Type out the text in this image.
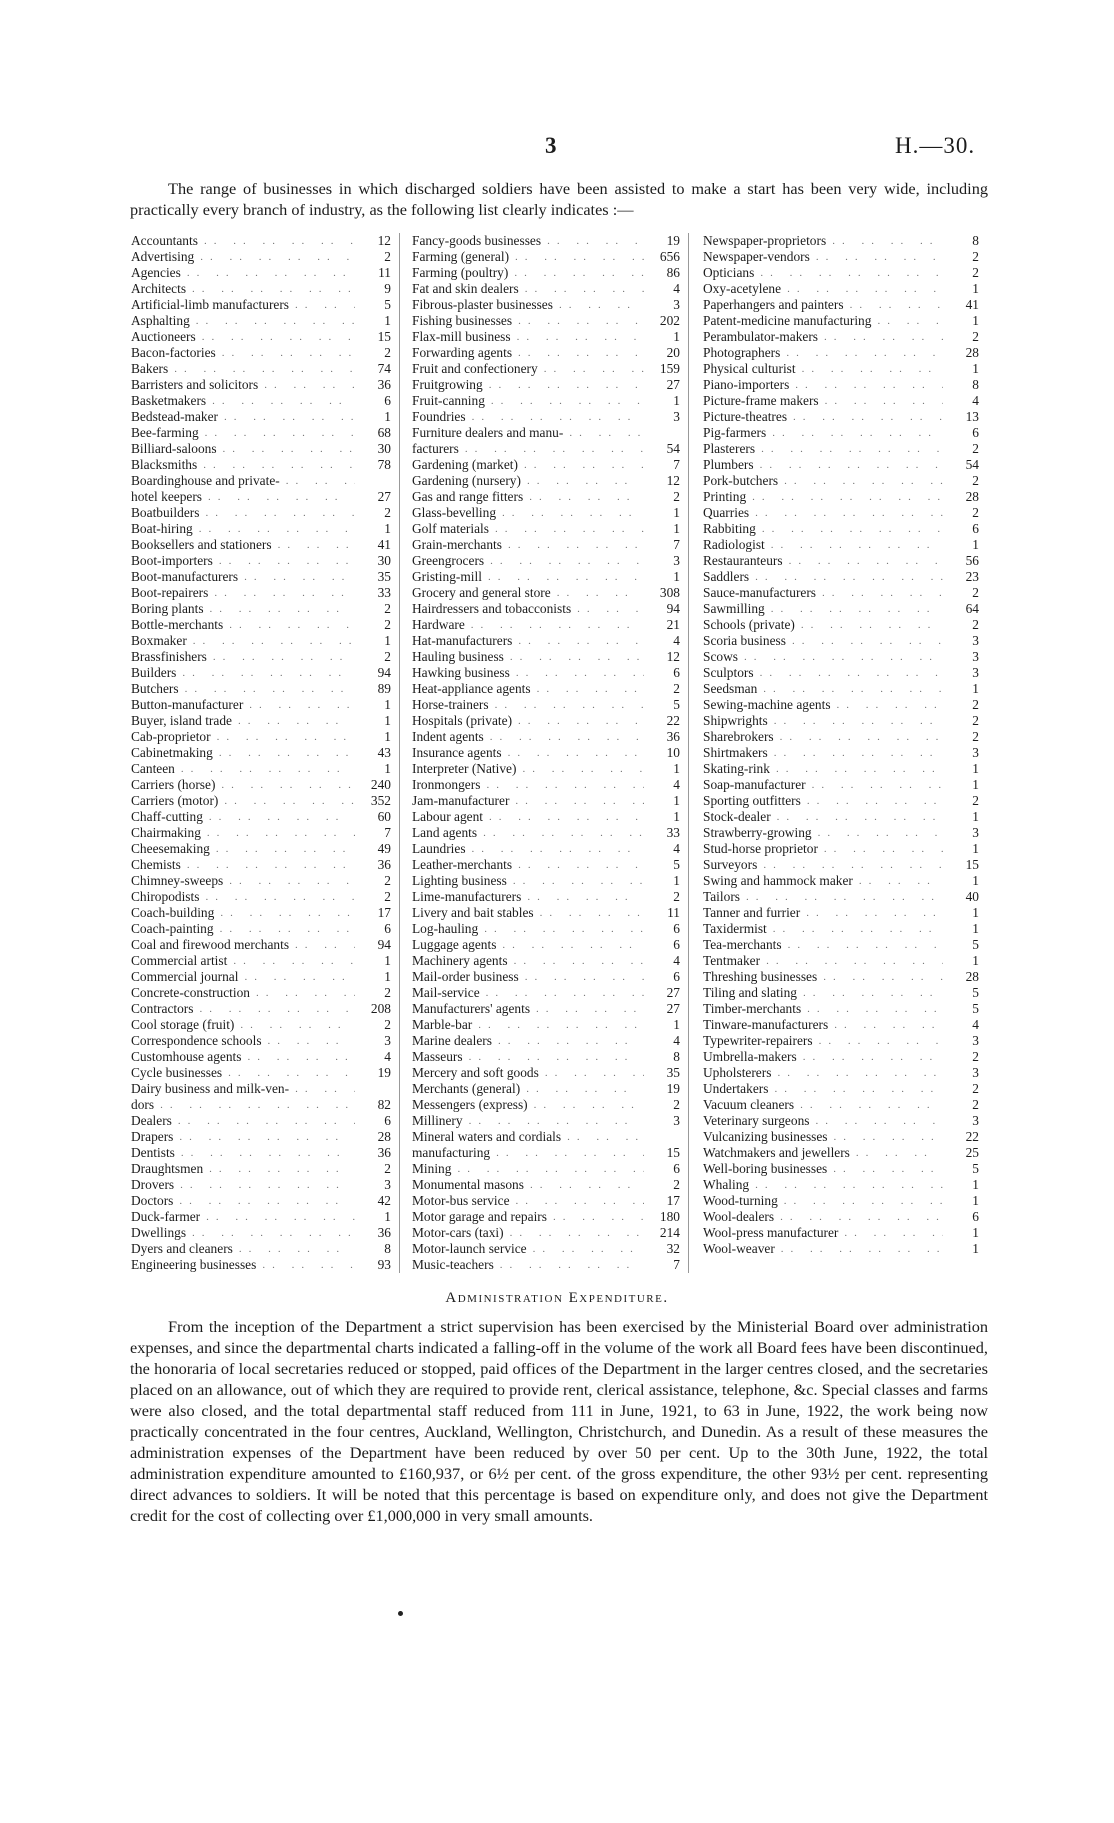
3	H.—30.

The range of businesses in which discharged soldiers have been assisted to make a start has been very wide, including practically every branch of industry, as the following list clearly indicates :—

Accountants .. ..	12
Advertising .. ..	2
Agencies .. ..	11
Architects .. ..	9
Artificial-limb manufacturers .. ..	5
Asphalting .. ..	1
Auctioneers .. ..	15
Bacon-factories .. ..	2
Bakers .. ..	74
Barristers and solicitors .. ..	36
Basketmakers .. ..	6
Bedstead-maker .. ..	1
Bee-farming .. ..	68
Billiard-saloons .. ..	30
Blacksmiths .. ..	78
Boardinghouse and private-
.. ..
hotel keepers .. ..	27
Boatbuilders .. ..	2
Boat-hiring .. ..	1
Booksellers and stationers .. ..	41
Boot-importers .. ..	30
Boot-manufacturers .. ..	35
Boot-repairers .. ..	33
Boring plants .. ..	2
Bottle-merchants .. ..	2
Boxmaker .. ..	1
Brassfinishers .. ..	2
Builders .. ..	94
Butchers .. ..	89
Button-manufacturer .. ..	1
Buyer, island trade .. ..	1
Cab-proprietor .. ..	1
Cabinetmaking .. ..	43
Canteen .. ..	1
Carriers (horse) .. ..	240
Carriers (motor) .. ..	352
Chaff-cutting .. ..	60
Chairmaking .. ..	7
Cheesemaking .. ..	49
Chemists .. ..	36
Chimney-sweeps .. ..	2
Chiropodists .. ..	2
Coach-building .. ..	17
Coach-painting .. ..	6
Coal and firewood merchants .. ..	94
Commercial artist .. ..	1
Commercial journal .. ..	1
Concrete-construction .. ..	2
Contractors .. ..	208
Cool storage (fruit) .. ..	2
Correspondence schools .. ..	3
Customhouse agents .. ..	4
Cycle businesses .. ..	19
Dairy business and milk-ven-
.. ..
dors .. ..	82
Dealers .. ..	6
Drapers .. ..	28
Dentists .. ..	36
Draughtsmen .. ..	2
Drovers .. ..	3
Doctors .. ..	42
Duck-farmer .. ..	1
Dwellings .. ..	36
Dyers and cleaners .. ..	8
Engineering businesses .. ..	93
Fancy-goods businesses .. ..	19
Farming (general) .. ..	656
Farming (poultry) .. ..	86
Fat and skin dealers .. ..	4
Fibrous-plaster businesses .. ..	3
Fishing businesses .. ..	202
Flax-mill business .. ..	1
Forwarding agents .. ..	20
Fruit and confectionery .. ..	159
Fruitgrowing .. ..	27
Fruit-canning .. ..	1
Foundries .. ..	3
Furniture dealers and manu-
.. ..
facturers .. ..	54
Gardening (market) .. ..	7
Gardening (nursery) .. ..	12
Gas and range fitters .. ..	2
Glass-bevelling .. ..	1
Golf materials .. ..	1
Grain-merchants .. ..	7
Greengrocers .. ..	3
Gristing-mill .. ..	1
Grocery and general store .. ..	308
Hairdressers and tobacconists .. ..	94
Hardware .. ..	21
Hat-manufacturers .. ..	4
Hauling business .. ..	12
Hawking business .. ..	6
Heat-appliance agents .. ..	2
Horse-trainers .. ..	5
Hospitals (private) .. ..	22
Indent agents .. ..	36
Insurance agents .. ..	10
Interpreter (Native) .. ..	1
Ironmongers .. ..	4
Jam-manufacturer .. ..	1
Labour agent .. ..	1
Land agents .. ..	33
Laundries .. ..	4
Leather-merchants .. ..	5
Lighting business .. ..	1
Lime-manufacturers .. ..	2
Livery and bait stables .. ..	11
Log-hauling .. ..	6
Luggage agents .. ..	6
Machinery agents .. ..	4
Mail-order business .. ..	6
Mail-service .. ..	27
Manufacturers' agents .. ..	27
Marble-bar .. ..	1
Marine dealers .. ..	4
Masseurs .. ..	8
Mercery and soft goods .. ..	35
Merchants (general) .. ..	19
Messengers (express) .. ..	2
Millinery .. ..	3
Mineral waters and cordials
.. ..
manufacturing .. ..	15
Mining .. ..	6
Monumental masons .. ..	2
Motor-bus service .. ..	17
Motor garage and repairs .. ..	180
Motor-cars (taxi) .. ..	214
Motor-launch service .. ..	32
Music-teachers .. ..	7
Newspaper-proprietors .. ..	8
Newspaper-vendors .. ..	2
Opticians .. ..	2
Oxy-acetylene .. ..	1
Paperhangers and painters .. ..	41
Patent-medicine manufacturing .. ..	1
Perambulator-makers .. ..	2
Photographers .. ..	28
Physical culturist .. ..	1
Piano-importers .. ..	8
Picture-frame makers .. ..	4
Picture-theatres .. ..	13
Pig-farmers .. ..	6
Plasterers .. ..	2
Plumbers .. ..	54
Pork-butchers .. ..	2
Printing .. ..	28
Quarries .. ..	2
Rabbiting .. ..	6
Radiologist .. ..	1
Restauranteurs .. ..	56
Saddlers .. ..	23
Sauce-manufacturers .. ..	2
Sawmilling .. ..	64
Schools (private) .. ..	2
Scoria business .. ..	3
Scows .. ..	3
Sculptors .. ..	3
Seedsman .. ..	1
Sewing-machine agents .. ..	2
Shipwrights .. ..	2
Sharebrokers .. ..	2
Shirtmakers .. ..	3
Skating-rink .. ..	1
Soap-manufacturer .. ..	1
Sporting outfitters .. ..	2
Stock-dealer .. ..	1
Strawberry-growing .. ..	3
Stud-horse proprietor .. ..	1
Surveyors .. ..	15
Swing and hammock maker .. ..	1
Tailors .. ..	40
Tanner and furrier .. ..	1
Taxidermist .. ..	1
Tea-merchants .. ..	5
Tentmaker .. ..	1
Threshing businesses .. ..	28
Tiling and slating .. ..	5
Timber-merchants .. ..	5
Tinware-manufacturers .. ..	4
Typewriter-repairers .. ..	3
Umbrella-makers .. ..	2
Upholsterers .. ..	3
Undertakers .. ..	2
Vacuum cleaners .. ..	2
Veterinary surgeons .. ..	3
Vulcanizing businesses .. ..	22
Watchmakers and jewellers .. ..	25
Well-boring businesses .. ..	5
Whaling .. ..	1
Wood-turning .. ..	1
Wool-dealers .. ..	6
Wool-press manufacturer .. ..	1
Wool-weaver .. ..	1
Administration Expenditure.

From the inception of the Department a strict supervision has been exercised by the Ministerial Board over administration expenses, and since the departmental charts indicated a falling-off in the volume of the work all Board fees have been discontinued, the honoraria of local secretaries reduced or stopped, paid offices of the Department in the larger centres closed, and the secretaries placed on an allowance, out of which they are required to provide rent, clerical assistance, telephone, &c. Special classes and farms were also closed, and the total departmental staff reduced from 111 in June, 1921, to 63 in June, 1922, the work being now practically concentrated in the four centres, Auckland, Wellington, Christchurch, and Dunedin. As a result of these measures the administration expenses of the Department have been reduced by over 50 per cent. Up to the 30th June, 1922, the total administration expenditure amounted to £160,937, or 6½ per cent. of the gross expenditure, the other 93½ per cent. representing direct advances to soldiers. It will be noted that this percentage is based on expenditure only, and does not give the Department credit for the cost of collecting over £1,000,000 in very small amounts.
